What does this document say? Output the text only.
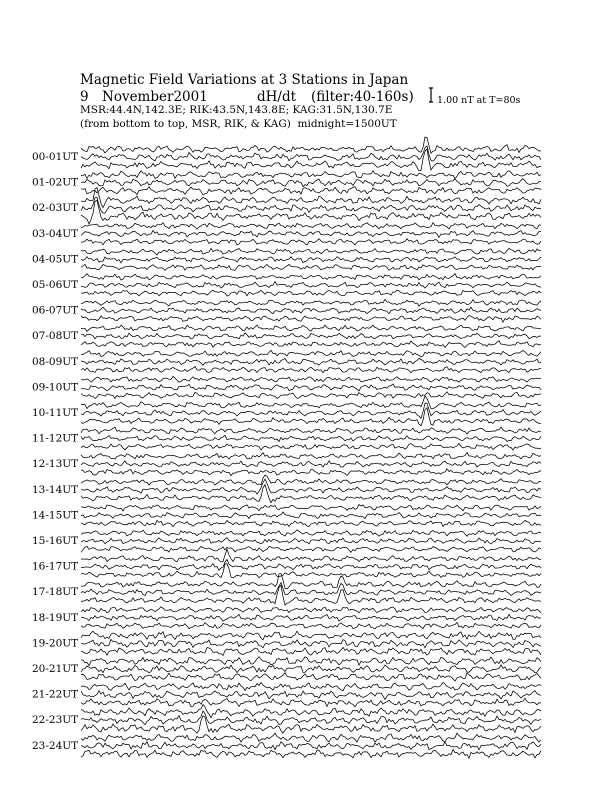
Magnetic Field Variations at 3 Stations in Japan
9 November2001	dH/dt (filter:40-160s)
MSR:44.4N,142.3E; RIK:43.5N,143.8E; KAG:31.5N,130.7E
(from bottom to top, MSR, RIK, & KAG) midnight=1500UT
1.00 nT at T=80s
00-01UT
01-02UT
02-03UT
03-04UT
04-05UT
05-06UT
06-07UT
07-08UT
08-09UT
09-10UT
10-11UT
11-12UT
12-13UT
13-14UT
14-15UT
15-16UT
16-17UT
17-18UT
18-19UT
19-20UT
20-21UT
21-22UT
22-23UT
23-24UT
